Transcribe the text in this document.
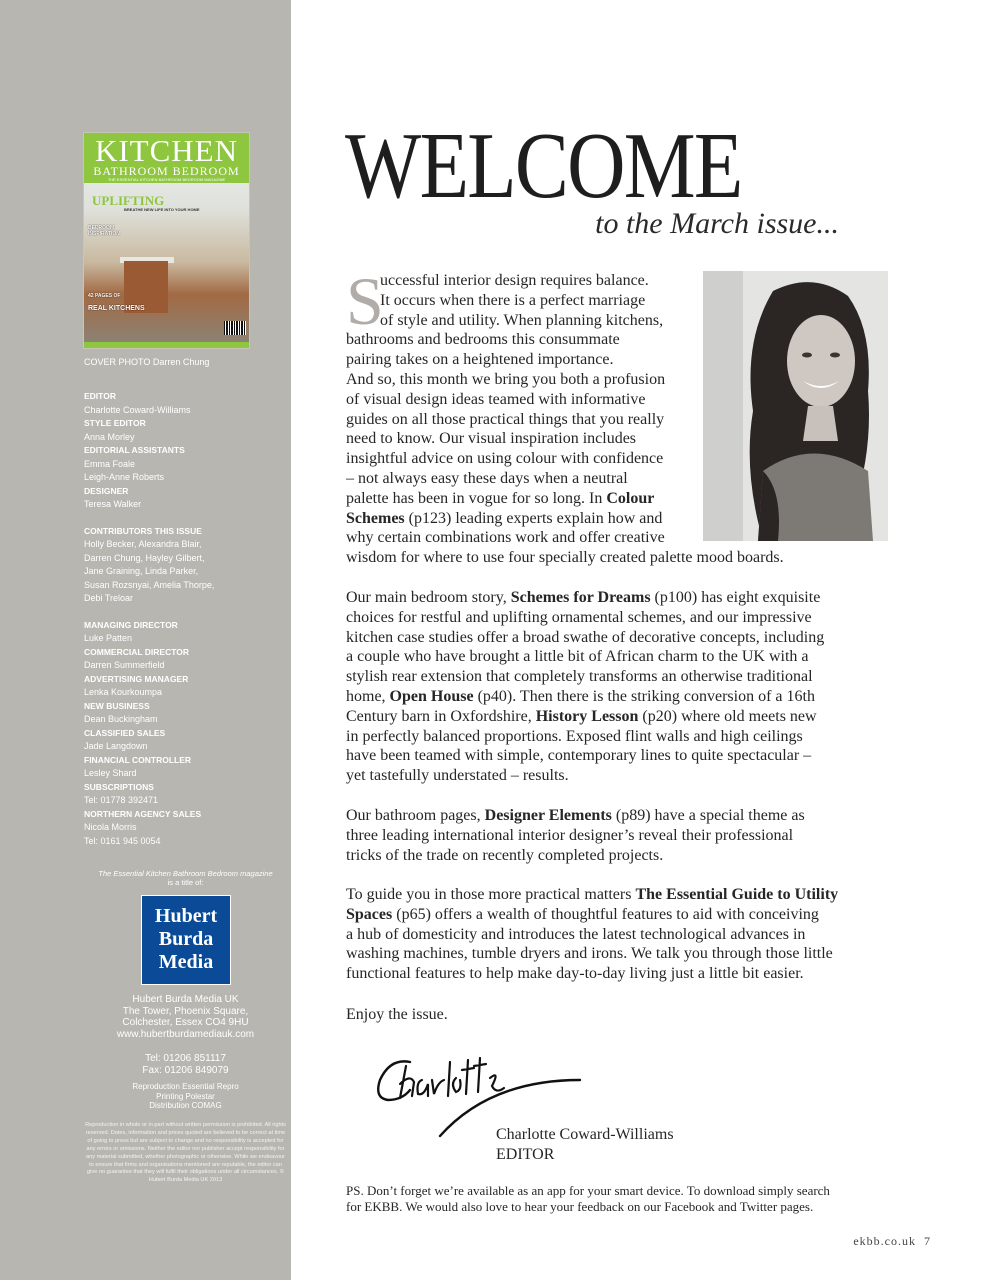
KITCHEN
BATHROOM BEDROOM
THE ESSENTIAL KITCHEN BATHROOM BEDROOM MAGAZINE
UPLIFTING
BREATHE NEW LIFE INTO YOUR HOME
BEDROOM INSPIRATION
42 PAGES OF
REAL KITCHENS
COVER PHOTO Darren Chung
EDITOR
Charlotte Coward-Williams
STYLE EDITOR
Anna Morley
EDITORIAL ASSISTANTS
Emma Foale
Leigh-Anne Roberts
DESIGNER
Teresa Walker
CONTRIBUTORS THIS ISSUE
Holly Becker, Alexandra Blair,
Darren Chung, Hayley Gilbert,
Jane Graining, Linda Parker,
Susan Rozsnyai, Amelia Thorpe,
Debi Treloar
MANAGING DIRECTOR
Luke Patten
COMMERCIAL DIRECTOR
Darren Summerfield
ADVERTISING MANAGER
Lenka Kourkoumpa
NEW BUSINESS
Dean Buckingham
CLASSIFIED SALES
Jade Langdown
FINANCIAL CONTROLLER
Lesley Shard
SUBSCRIPTIONS
Tel: 01778 392471
NORTHERN AGENCY SALES
Nicola Morris
Tel: 0161 945 0054
The Essential Kitchen Bathroom Bedroom magazine
is a title of:
Hubert
Burda
Media
Hubert Burda Media UK
The Tower, Phoenix Square,
Colchester, Essex CO4 9HU
www.hubertburdamediauk.com
Tel: 01206 851117
Fax: 01206 849079
Reproduction Essential Repro
Printing Polestar
Distribution COMAG
Reproduction in whole or in part without written permission is prohibited. All rights reserved. Dates, information and prices quoted are believed to be correct at time of going to press but are subject to change and no responsibility is accepted for any errors or omissions. Neither the editor nor publisher accept responsibility for any material submitted, whether photographic or otherwise. While we endeavour to ensure that firms and organisations mentioned are reputable, the editor can give no guarantee that they will fulfil their obligations under all circumstances. © Hubert Burda Media UK 2013
WELCOME
to the March issue...
S
uccessful interior design requires balance.
It occurs when there is a perfect marriage
of style and utility. When planning kitchens,
bathrooms and bedrooms this consummate
pairing takes on a heightened importance.
And so, this month we bring you both a profusion
of visual design ideas teamed with informative
guides on all those practical things that you really
need to know. Our visual inspiration includes
insightful advice on using colour with confidence
– not always easy these days when a neutral
palette has been in vogue for so long. In Colour
Schemes (p123) leading experts explain how and
why certain combinations work and offer creative
wisdom for where to use four specially created palette mood boards.
Our main bedroom story, Schemes for Dreams (p100) has eight exquisite
choices for restful and uplifting ornamental schemes, and our impressive
kitchen case studies offer a broad swathe of decorative concepts, including
a couple who have brought a little bit of African charm to the UK with a
stylish rear extension that completely transforms an otherwise traditional
home, Open House (p40). Then there is the striking conversion of a 16th
Century barn in Oxfordshire, History Lesson (p20) where old meets new
in perfectly balanced proportions. Exposed flint walls and high ceilings
have been teamed with simple, contemporary lines to quite spectacular –
yet tastefully understated – results.
Our bathroom pages, Designer Elements (p89) have a special theme as
three leading international interior designer’s reveal their professional
tricks of the trade on recently completed projects.
To guide you in those more practical matters The Essential Guide to Utility
Spaces (p65) offers a wealth of thoughtful features to aid with conceiving
a hub of domesticity and introduces the latest technological advances in
washing machines, tumble dryers and irons. We talk you through those little
functional features to help make day-to-day living just a little bit easier.
Enjoy the issue.
Charlotte Coward-Williams
EDITOR
PS. Don’t forget we’re available as an app for your smart device. To download simply search
for EKBB. We would also love to hear your feedback on our Facebook and Twitter pages.
ekbb.co.uk 7
